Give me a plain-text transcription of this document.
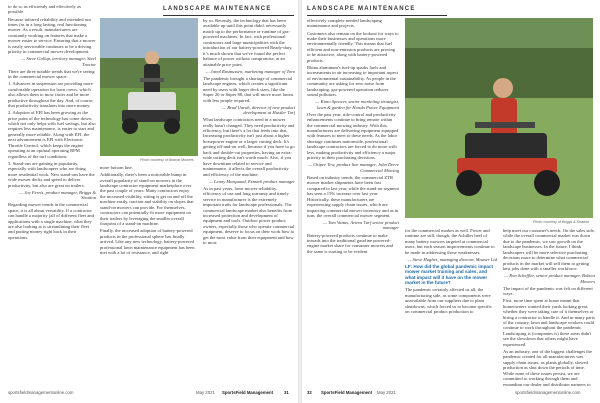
LANDSCAPE MAINTENANCE

to do so as efficiently and effectively as possible.

Because infrared reliability and extended run times (as in a long lasting, real functioning mower. As a result, manufacturers are constantly working on features that make a mower easier to service. Ensuring that a mower is easily serviceable continues to be a driving priority in commercial mower development.

— Steve Gallup, territory manager, Steel Tractor

There are three notable trends that we're seeing in the commercial mower space:

1. Advances in suspension are providing more comfortable operation for lawn crews, which also allows them to mow faster and be more productive throughout the day. And, of course, that productivity translates into more money.

2. Adoption of EFI has been growing as the price point of the technology has come down, which not only helps with fuel savings, but also requires less maintenance, is easier to start and generally more reliable. Along with EFI, the next advancement is EFI with Electronic Throttle Control, which keeps the engine operating at an optimal operating RPM regardless of the turf conditions.

3. Stand-ons are gaining in popularity, especially with landscapers who are doing more residential work. New stand-ons have the wide mower decks and speed to deliver productivity, but also are great on trailers.

— Joe Ferris, product manager, Briggs & Stratton

Regarding mower trends in the commercial space, it is all about versatility. If a contractor can handle a majority (all of different fleet and applications with a single machine, what they are also looking at is streamlining their fleet and putting money right back in their operations.

Photo courtesy of Bobcat Mowers

more bottom line.

Additionally, there's been a noticeable bump in overall popularity of stand-on mowers in the landscape contractor equipment marketplace over the past couple of years. Many contractors enjoy the increased visibility, sitting is get on and off the machine easily, traction and stability on slopes that stand-on mowers can provide. For themselves, contractors can potentially fit more equipment on their trailers by leveraging the smaller overall footprint of a stand-on machine.

Finally, the increased adoption of battery-powered products in the professional sphere has finally arrived. Like any new technology, battery-powered professional lawn maintenance equipment has been met with a lot of resistance, and right

by so. Recently, the technology that has been available up until this point didn't necessarily match up to the performance or runtime of gas-powered machines. In fact, with professional contractors and large municipalities with the introduction of our battery-powered Ready-duty, it’s much shown that we've found the perfect balance of power without compromise, at an attainable price point.

— Jared Rasmussen, marketing manager of Toro

The pandemic brought a shortage of commercial landscape engines, which creates a significant need by users with larger deck sizes, like the Super 20 or Super 88, that will move more lawns with less people required.

— Brad Unruh, director of new product development at Hustler Turf

What landscape contractors need in a mower really hasn't changed. They need productivity and efficiency, but there's a lot that feeds into that. Increasing productivity isn't just about a higher horsepower engine or a larger cutting deck. It's getting off-and-on well, because if you have to go back and double-cut properties, having an extra-wide cutting deck isn't worth much. Also, if you have downtime related to service and maintenance, it affects the overall productivity and efficiency of the machine.

— Lenny Marquand, Exmark product manager

As in past years, lawn mower reliability, efficiency of use and long warranty and timely service in manufacturer is the extremely important traits for landscape professionals. The commercial landscape market also benefits from increased protection and development of equipment and tools. Outdoor power product owners, especially those who operate commercial equipment, deserve to focus on their work how to get the most value from their equipment and how to most

sportsfieldmanagementonline.com	May 2021 SportsField Management	31
LANDSCAPE MAINTENANCE

effectively complete needed landscaping maintenance and projects.

Customers also remain on the lookout for ways to make their businesses and operations more environmentally friendly. This means that fuel efficient and non-emission products are proving to be attractive, along with battery-powered products.

Rhino aluminum's fuel-tip sparks fuels and increasments in air increasing to important aspect of environmental sustainability. As people in the community are asking for zero noise from landscaping, gas-powered operation reduces sound pollution.

— Kimo Spencer, senior marketing strategist, lawn & garden for Honda Power Equipment

Over the past year, ride-control and productivity enhancements continue to bring remote within the commercial mowing industry. With this, manufacturers are delivering equipment equipped with features to meet to these needs. As the labor shortage continues nationwide, professional landscape contractors are forced to do more with less, making productivity and efficiency a major priority in their purchasing decisions.

— Chipee Tew, product line manager, John Deere Commercial Mowing

Based on industry trends, the commercial ZTR mower market shipments have been fast compared to last year, while the stand-on segment has seen a 15% increase over last year. Historically, these manufacturers are experiencing supply chain issues, which are impacting commercial mower inventory and as in turn, the overall commercial mower segment.

— Tom Vattus, Ariens Turf senior product manager

Battery-powered products continue to make inroads into the traditional gasoline powered-engine market share for consumer mowers and the same is starting to be evident

Photo courtesy of Briggs & Stratton

for the commercial market as well. Power and runtime are still, though, the Achilles heel of many battery mowers targeted at commercial users, but each season improvements continue to be made in addressing those weaknesses.

— Steve Hughes, managing director, Mauser Ltd

LF: How did the global pandemic impact mower market training and sales, and what impact will it have on the mower market in the future?

The pandemic certainly affected us all; the manufacturing side, as some components were unavailable from our suppliers due to plant shutdowns, which forced us to become specific on commercial product production to

help meet our customer's needs. On the sales side, while the overall commercial market was down due to the pandemic, we saw growth on the landscape businesses. In the future, I think landscapers will be more selective purchasing decisions more to determine what commercial products in the market will sell them to getting best jobs done with a smaller workforce.

— Ron Scheffler, senior product manager, Bobcat Mowers

The impact of the pandemic was felt on different ways.

First, more time spent at home meant that homeowners wanted their yards looking great, whether they were taking care of it themselves or hiring a contractor to handle it. And in many parts of the country, lawn and landscape workers could continue to work throughout the pandemic. Landscaping is (companies is) these areas didn't see the slowdown that others might have experienced.

As an industry, one of the biggest challenges the pandemic created for all manufacturers was supply chain issues, as plants globally, slowed production as shut down the periods of time. While none of these issues persist, we are committed to working through them and expanding our dealer and distributor partners to

32 SportsField Management May 2021	sportsfieldmanagementonline.com
